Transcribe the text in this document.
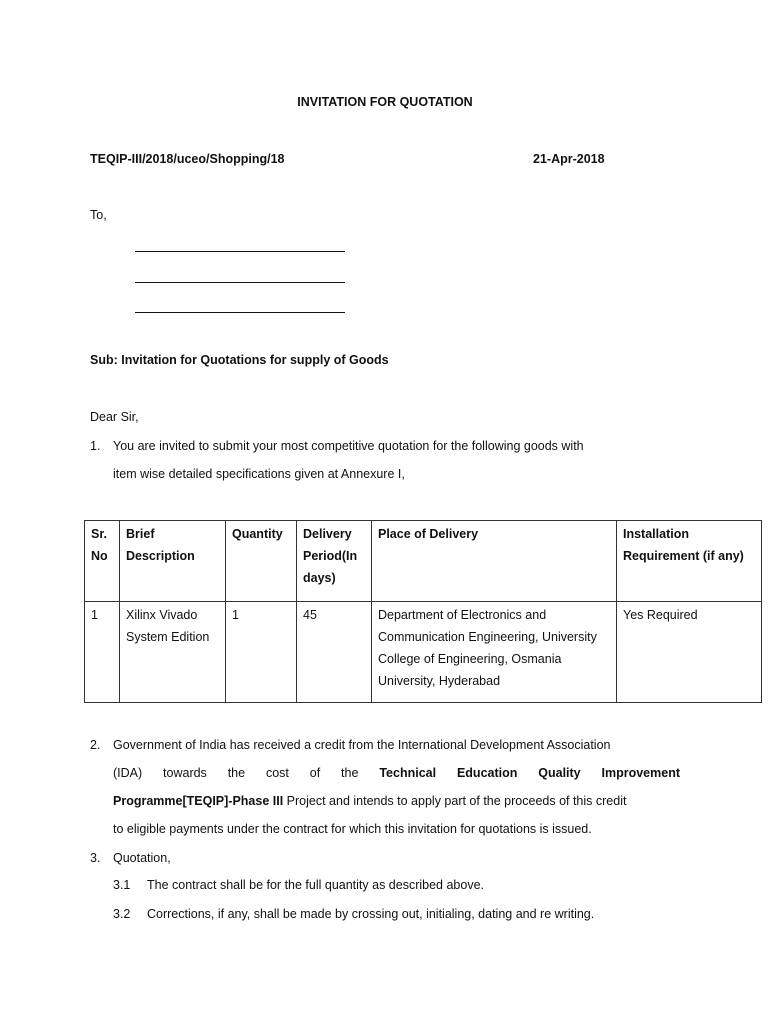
INVITATION FOR QUOTATION
TEQIP-III/2018/uceo/Shopping/18	21-Apr-2018
To,
Sub: Invitation for Quotations for supply of Goods
Dear Sir,
1. You are invited to submit your most competitive quotation for the following goods with
item wise detailed specifications given at Annexure I,
Sr. No	Brief Description	Quantity	Delivery Period(In days)	Place of Delivery	Installation Requirement (if any)
1	Xilinx Vivado System Edition	1	45	Department of Electronics and Communication Engineering, University College of Engineering, Osmania University, Hyderabad	Yes Required
2. Government of India has received a credit from the International Development Association
(IDA) towards the cost of the Technical Education Quality Improvement
Programme[TEQIP]-Phase III Project and intends to apply part of the proceeds of this credit
to eligible payments under the contract for which this invitation for quotations is issued.
3. Quotation,
3.1 The contract shall be for the full quantity as described above.
3.2 Corrections, if any, shall be made by crossing out, initialing, dating and re writing.
